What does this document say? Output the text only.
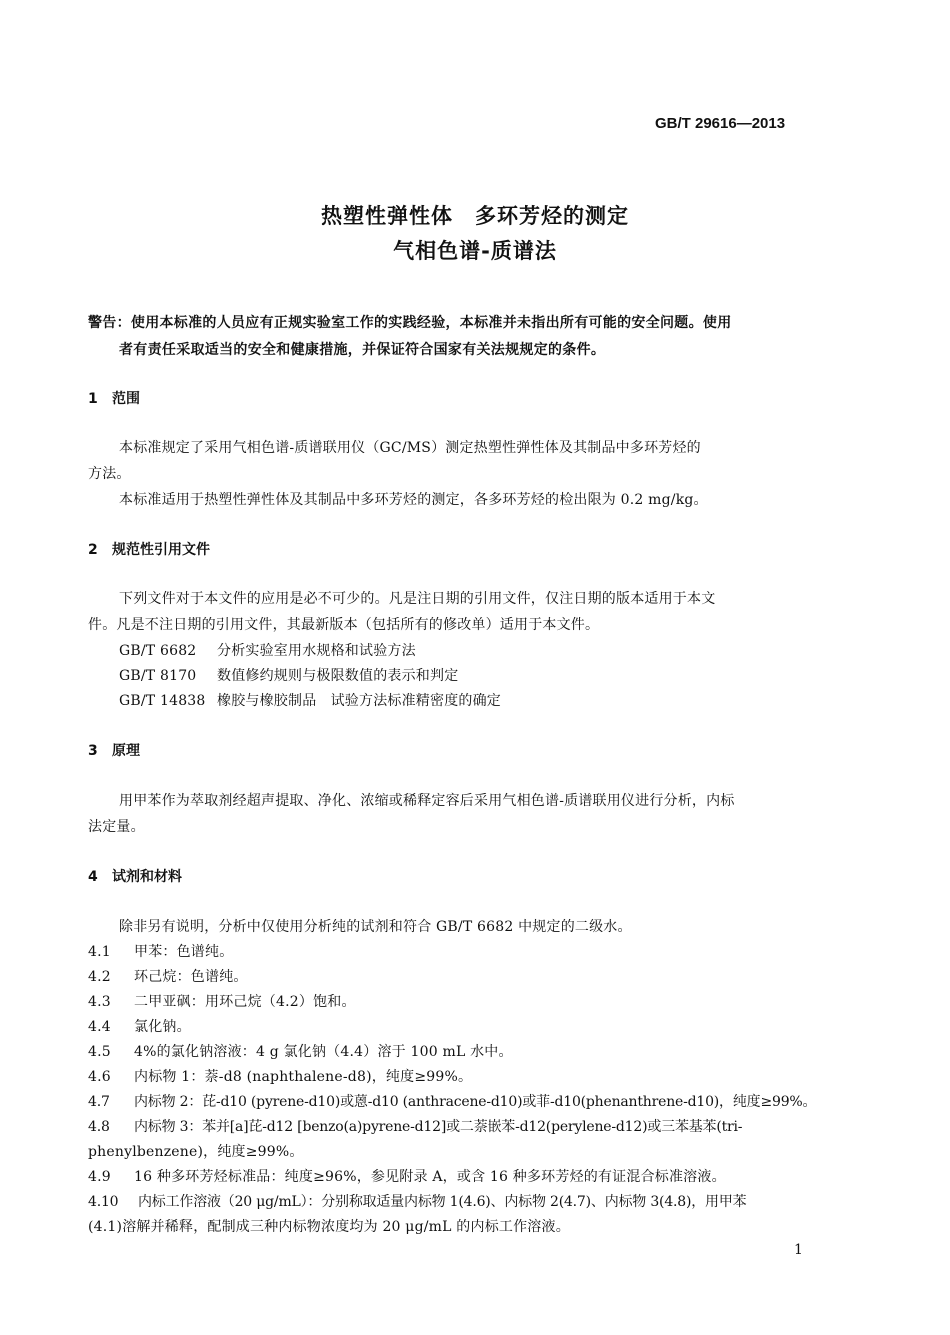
GB/T 29616—2013
热塑性弹性体　多环芳烃的测定
气相色谱-质谱法
警告：使用本标准的人员应有正规实验室工作的实践经验，本标准并未指出所有可能的安全问题。使用
者有责任采取适当的安全和健康措施，并保证符合国家有关法规规定的条件。
1 范围
本标准规定了采用气相色谱-质谱联用仪（GC/MS）测定热塑性弹性体及其制品中多环芳烃的
方法。
本标准适用于热塑性弹性体及其制品中多环芳烃的测定，各多环芳烃的检出限为 0.2 mg/kg。
2 规范性引用文件
下列文件对于本文件的应用是必不可少的。凡是注日期的引用文件，仅注日期的版本适用于本文
件。凡是不注日期的引用文件，其最新版本（包括所有的修改单）适用于本文件。
GB/T 6682 分析实验室用水规格和试验方法
GB/T 8170 数值修约规则与极限数值的表示和判定
GB/T 14838 橡胶与橡胶制品　试验方法标准精密度的确定
3 原理
用甲苯作为萃取剂经超声提取、净化、浓缩或稀释定容后采用气相色谱-质谱联用仪进行分析，内标
法定量。
4 试剂和材料
除非另有说明，分析中仅使用分析纯的试剂和符合 GB/T 6682 中规定的二级水。
4.1 甲苯：色谱纯。
4.2 环己烷：色谱纯。
4.3 二甲亚砜：用环己烷（4.2）饱和。
4.4 氯化钠。
4.5 4%的氯化钠溶液：4 g 氯化钠（4.4）溶于 100 mL 水中。
4.6 内标物 1：萘-d8 (naphthalene-d8)，纯度≥99%。
4.7 内标物 2：芘-d10 (pyrene-d10)或蒽-d10 (anthracene-d10)或菲-d10(phenanthrene-d10)，纯度≥99%。
4.8 内标物 3：苯并[a]芘-d12 [benzo(a)pyrene-d12]或二萘嵌苯-d12(perylene-d12)或三苯基苯(tri-
phenylbenzene)，纯度≥99%。
4.9 16 种多环芳烃标准品：纯度≥96%，参见附录 A，或含 16 种多环芳烃的有证混合标准溶液。
4.10 内标工作溶液（20 μg/mL）：分别称取适量内标物 1(4.6)、内标物 2(4.7)、内标物 3(4.8)，用甲苯
(4.1)溶解并稀释，配制成三种内标物浓度均为 20 μg/mL 的内标工作溶液。
1
